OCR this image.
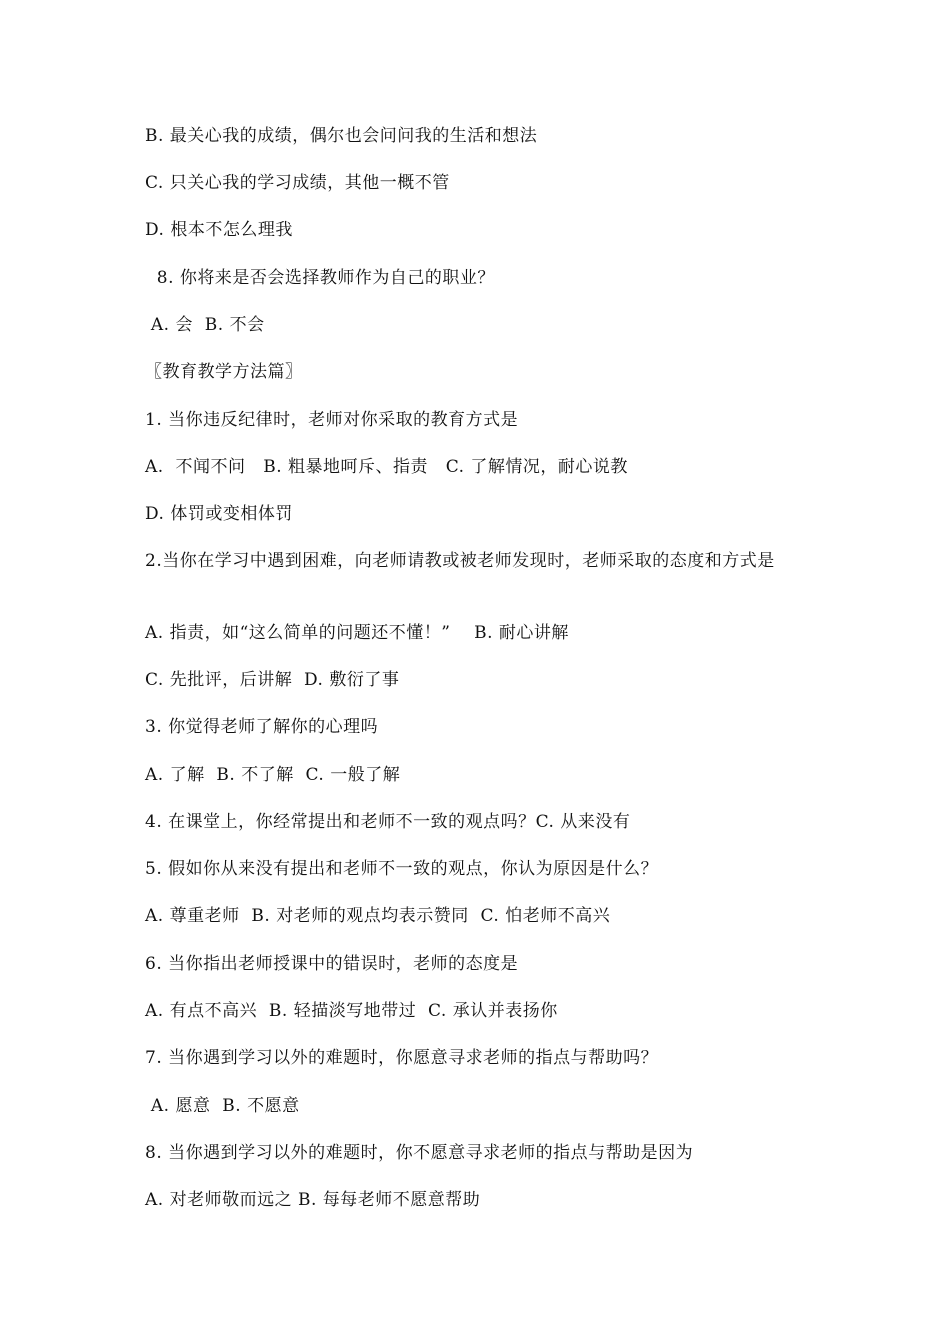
B. 最关心我的成绩，偶尔也会问问我的生活和想法
C. 只关心我的学习成绩，其他一概不管
D. 根本不怎么理我
8. 你将来是否会选择教师作为自己的职业？
A. 会  B. 不会
〖教育教学方法篇〗
1. 当你违反纪律时，老师对你采取的教育方式是
A.  不闻不问   B. 粗暴地呵斥、指责   C. 了解情况，耐心说教
D. 体罚或变相体罚
2.当你在学习中遇到困难，向老师请教或被老师发现时，老师采取的态度和方式是
A. 指责，如“这么简单的问题还不懂！”    B. 耐心讲解
C. 先批评，后讲解  D. 敷衍了事
3. 你觉得老师了解你的心理吗
A. 了解  B. 不了解  C. 一般了解
4. 在课堂上，你经常提出和老师不一致的观点吗？C. 从来没有
5. 假如你从来没有提出和老师不一致的观点，你认为原因是什么？
A. 尊重老师  B. 对老师的观点均表示赞同  C. 怕老师不高兴
6. 当你指出老师授课中的错误时，老师的态度是
A. 有点不高兴  B. 轻描淡写地带过  C. 承认并表扬你
7. 当你遇到学习以外的难题时，你愿意寻求老师的指点与帮助吗？
A. 愿意  B. 不愿意
8. 当你遇到学习以外的难题时，你不愿意寻求老师的指点与帮助是因为
A. 对老师敬而远之 B. 每每老师不愿意帮助
